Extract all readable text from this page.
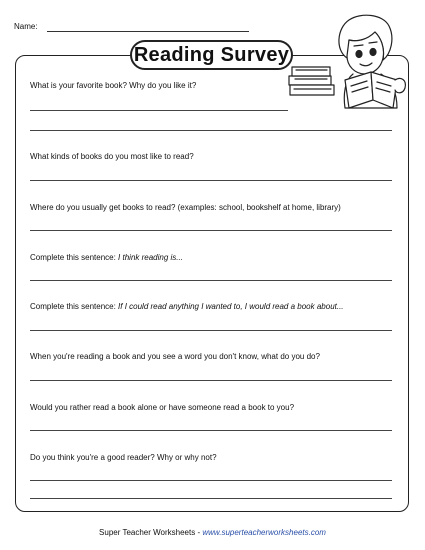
Name:
Reading Survey
What is your favorite book? Why do you like it?
What kinds of books do you most like to read?
Where do you usually get books to read? (examples: school, bookshelf at home, library)
Complete this sentence: I think reading is...
Complete this sentence: If I could read anything I wanted to, I would read a book about...
When you're reading a book and you see a word you don't know, what do you do?
Would you rather read a book alone or have someone read a book to you?
Do you think you're a good reader? Why or why not?
Super Teacher Worksheets - www.superteacherworksheets.com
